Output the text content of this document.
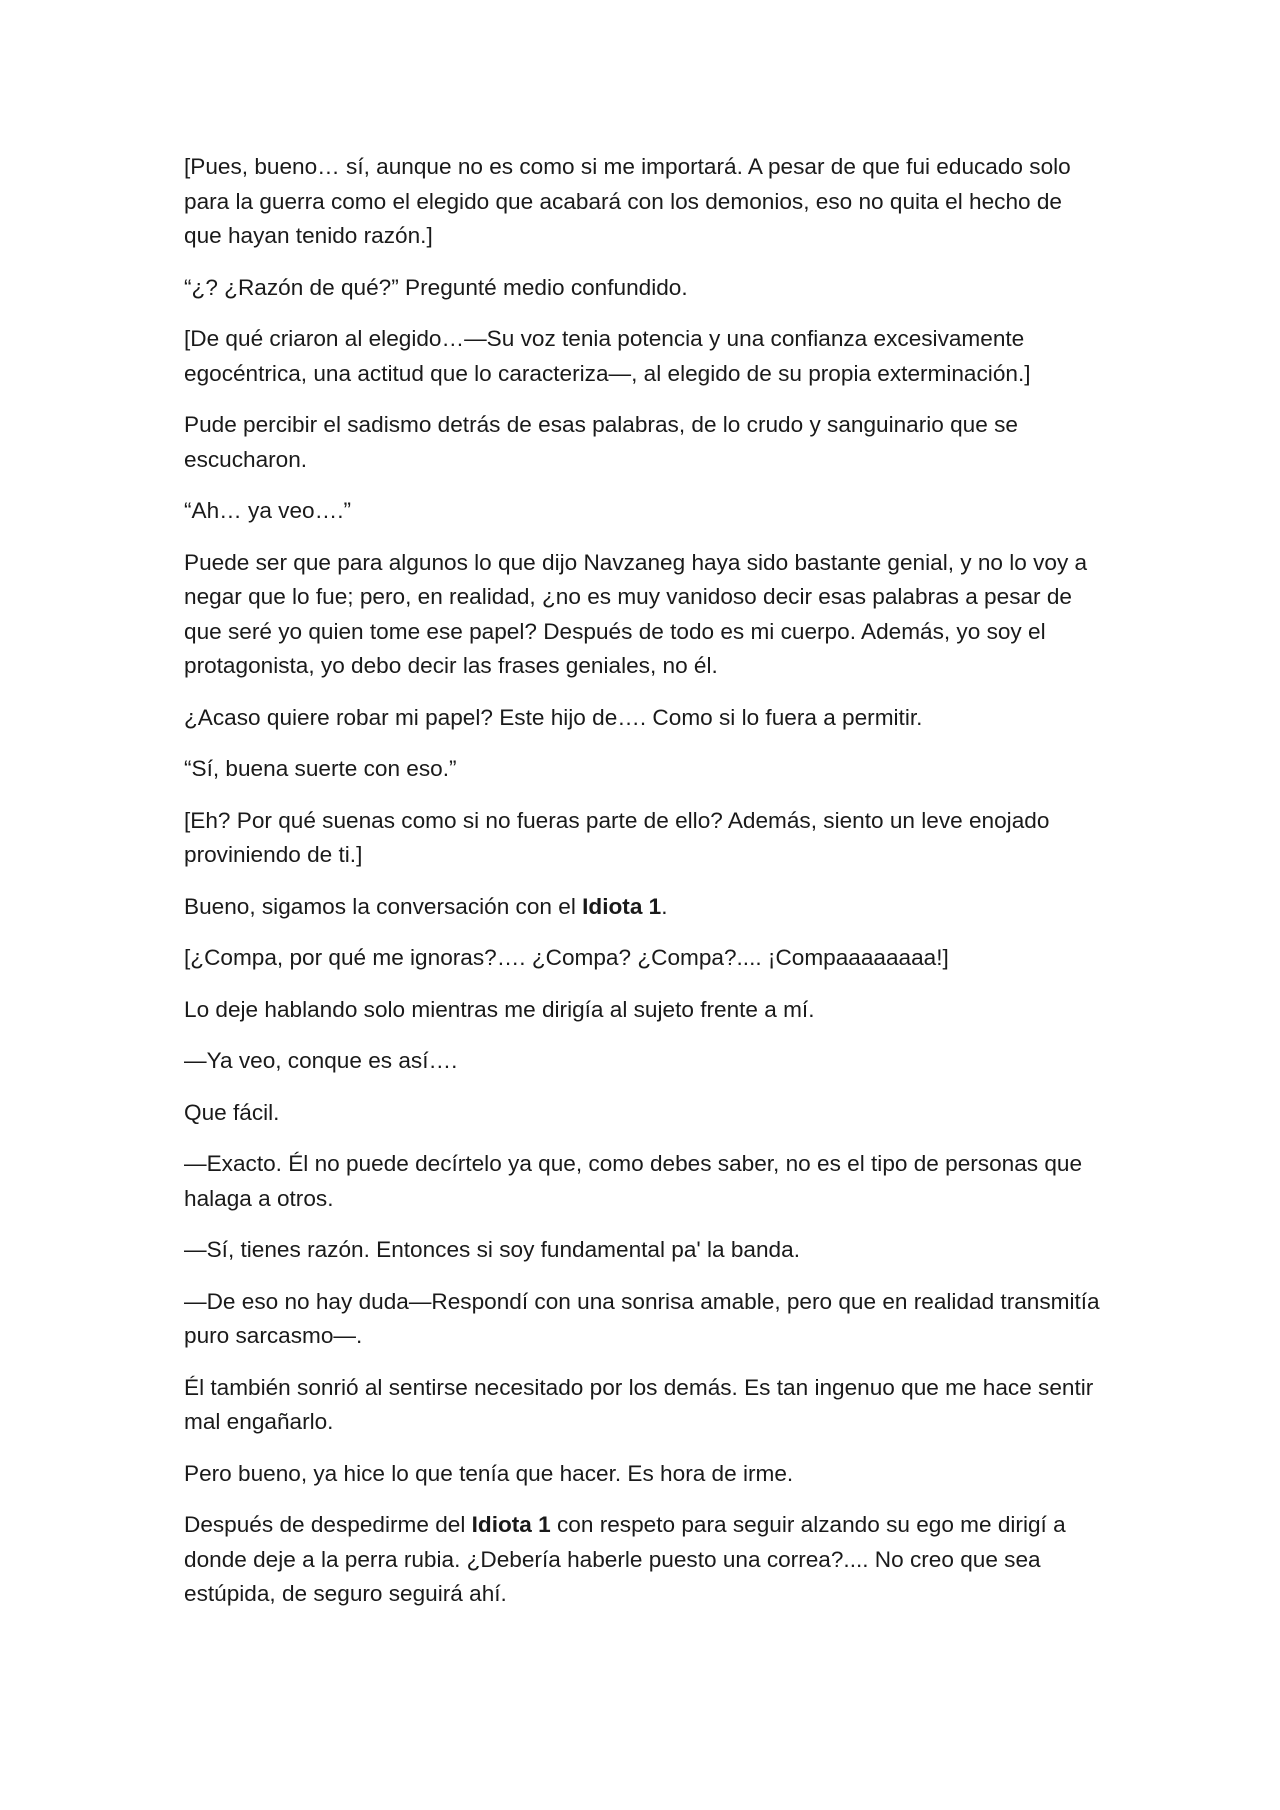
[Pues, bueno… sí, aunque no es como si me importará. A pesar de que fui educado solo para la guerra como el elegido que acabará con los demonios, eso no quita el hecho de que hayan tenido razón.]

“¿? ¿Razón de qué?” Pregunté medio confundido.

[De qué criaron al elegido…—Su voz tenia potencia y una confianza excesivamente egocéntrica, una actitud que lo caracteriza—, al elegido de su propia exterminación.]

Pude percibir el sadismo detrás de esas palabras, de lo crudo y sanguinario que se escucharon.

“Ah… ya veo….”

Puede ser que para algunos lo que dijo Navzaneg haya sido bastante genial, y no lo voy a negar que lo fue; pero, en realidad, ¿no es muy vanidoso decir esas palabras a pesar de que seré yo quien tome ese papel? Después de todo es mi cuerpo. Además, yo soy el protagonista, yo debo decir las frases geniales, no él.

¿Acaso quiere robar mi papel? Este hijo de…. Como si lo fuera a permitir.

“Sí, buena suerte con eso.”

[Eh? Por qué suenas como si no fueras parte de ello? Además, siento un leve enojado proviniendo de ti.]

Bueno, sigamos la conversación con el Idiota 1.

[¿Compa, por qué me ignoras?…. ¿Compa? ¿Compa?.... ¡Compaaaaaaaa!]

Lo deje hablando solo mientras me dirigía al sujeto frente a mí.

—Ya veo, conque es así….

Que fácil.

—Exacto. Él no puede decírtelo ya que, como debes saber, no es el tipo de personas que halaga a otros.

—Sí, tienes razón. Entonces si soy fundamental pa' la banda.

—De eso no hay duda—Respondí con una sonrisa amable, pero que en realidad transmitía puro sarcasmo—.

Él también sonrió al sentirse necesitado por los demás. Es tan ingenuo que me hace sentir mal engañarlo.

Pero bueno, ya hice lo que tenía que hacer. Es hora de irme.

Después de despedirme del Idiota 1 con respeto para seguir alzando su ego me dirigí a donde deje a la perra rubia. ¿Debería haberle puesto una correa?.... No creo que sea estúpida, de seguro seguirá ahí.
